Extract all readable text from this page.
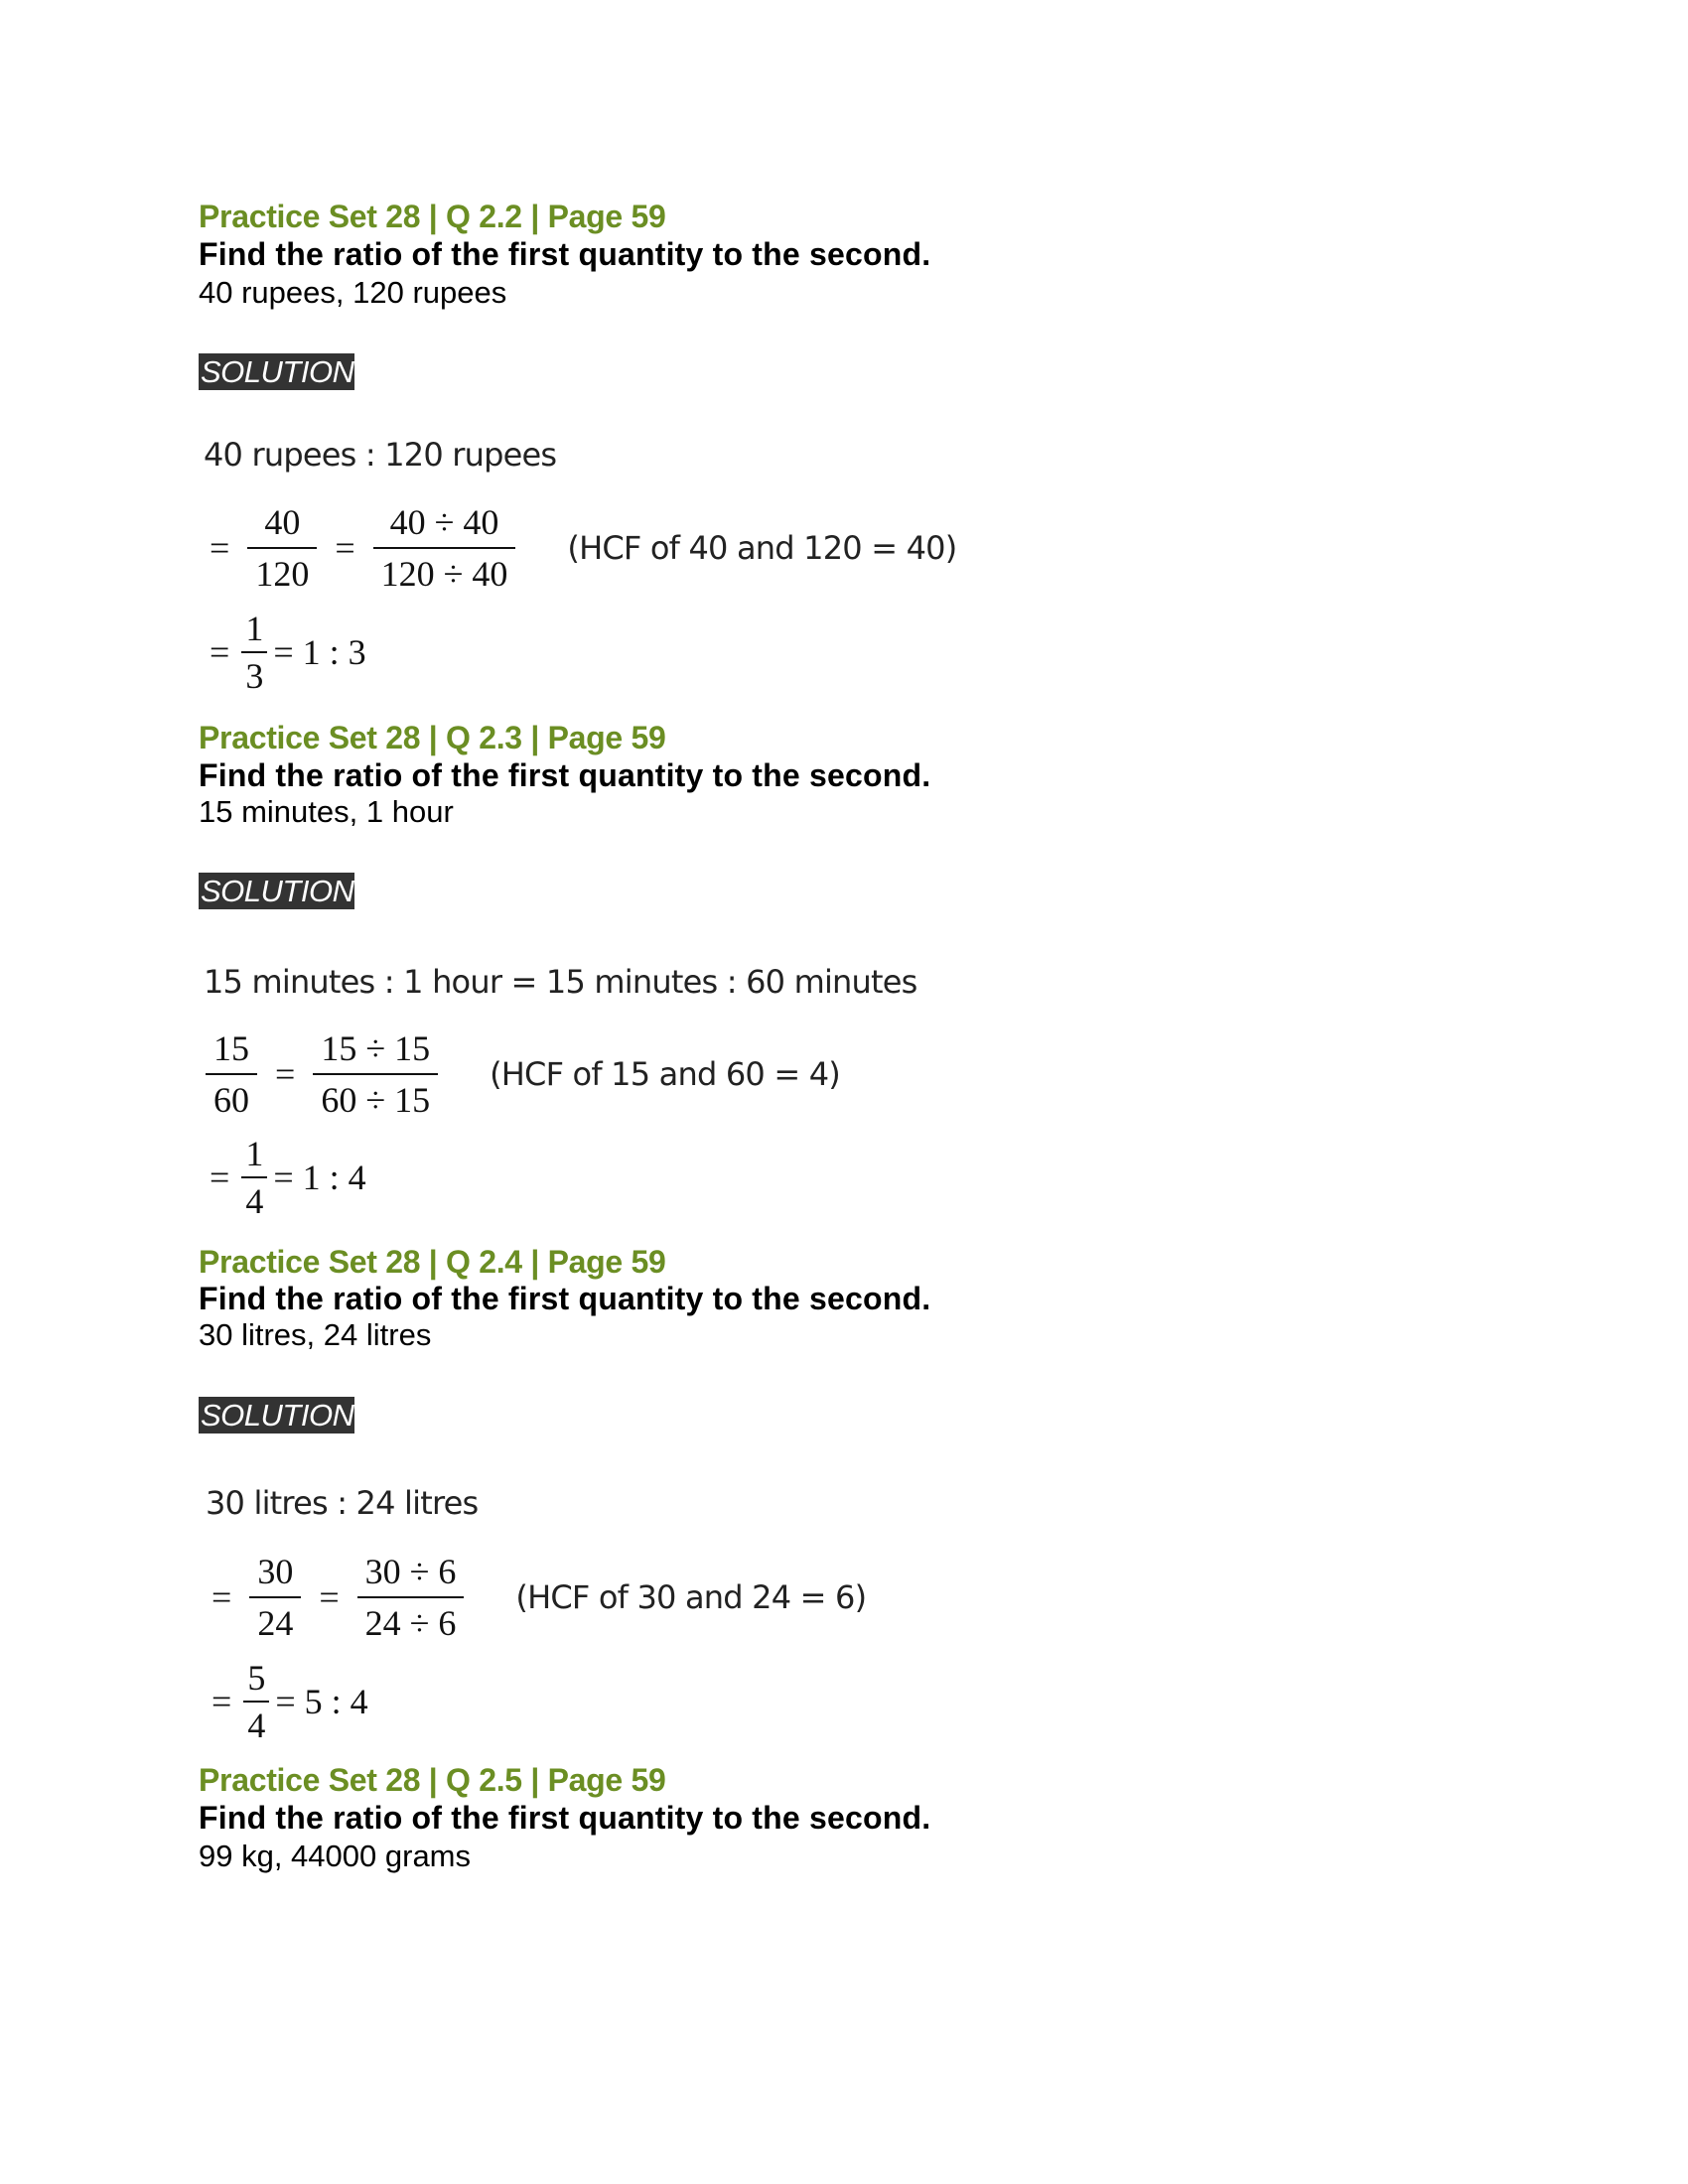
Practice Set 28 | Q 2.2 | Page 59
Find the ratio of the first quantity to the second.
40 rupees, 120 rupees
SOLUTION
40 rupees : 120 rupees
= $\frac{40}{120} = \frac{40 \div 40}{120 \div 40} (HCF$ of 40 and 120 = 40)
= $\frac{1}{3} = 1$ : 3
Practice Set 28 | Q 2.3 | Page 59
Find the ratio of the first quantity to the second.
15 minutes, 1 hour
SOLUTION
15 minutes : 1 hour = 15 minutes : 60 minutes
$\frac{15}{60} = \frac{15 \div 15}{60 \div 15} (HCF$ of 15 and 60 = 4)
= $\frac{1}{4} = 1$ : 4
Practice Set 28 | Q 2.4 | Page 59
Find the ratio of the first quantity to the second.
30 litres, 24 litres
SOLUTION
30 litres : 24 litres
= $\frac{30}{24} = \frac{30 \div 6}{24 \div 6} (HCF$ of 30 and 24 = 6)
= $\frac{5}{4} = 5$ : 4
Practice Set 28 | Q 2.5 | Page 59
Find the ratio of the first quantity to the second.
99 kg, 44000 grams
